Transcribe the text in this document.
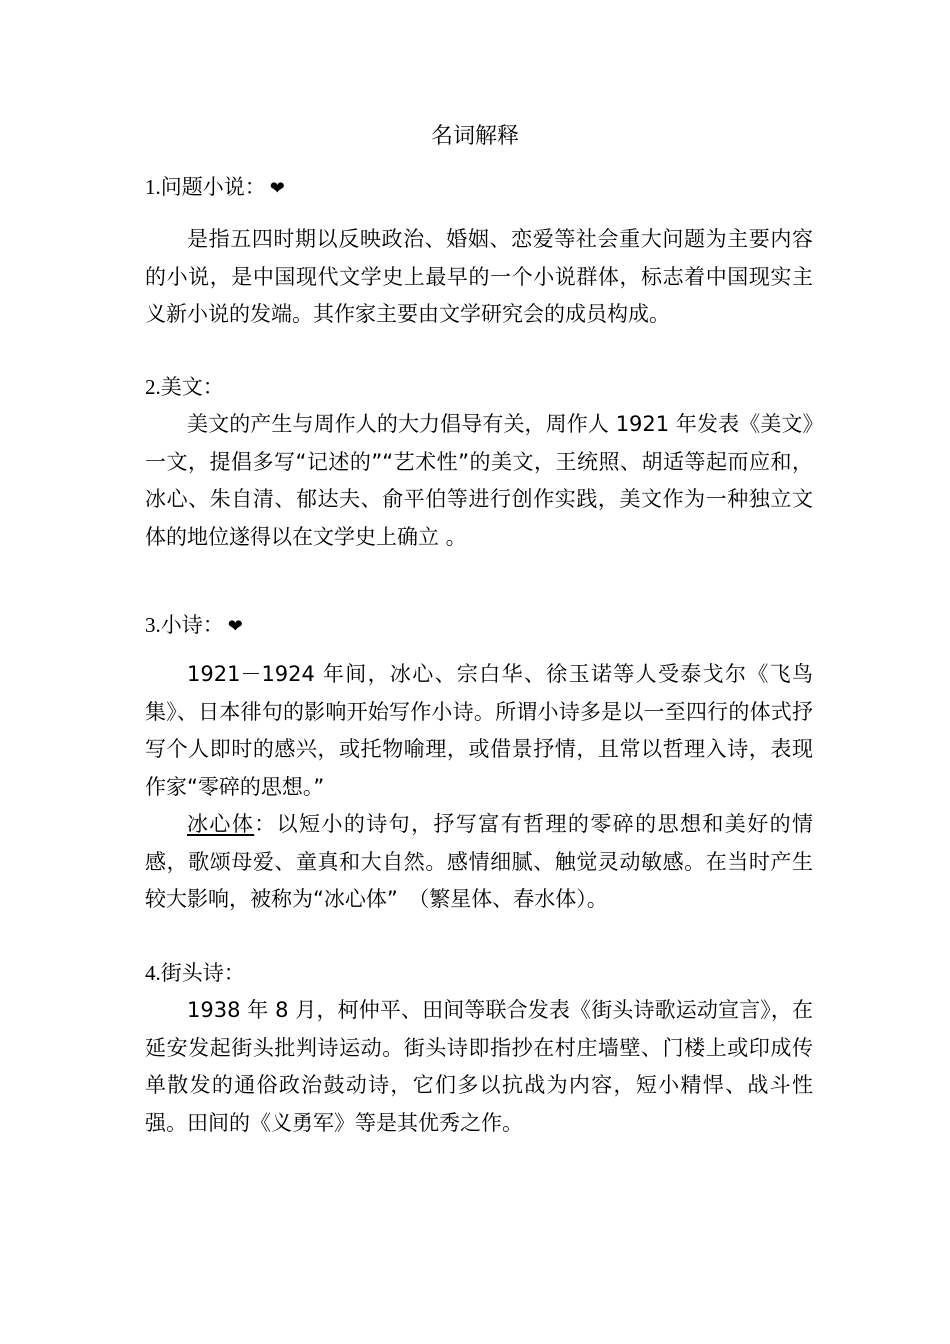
名词解释
1.问题小说： ❤
是指五四时期以反映政治、婚姻、恋爱等社会重大问题为主要内容的小说，是中国现代文学史上最早的一个小说群体，标志着中国现实主义新小说的发端。其作家主要由文学研究会的成员构成。
2.美文：
美文的产生与周作人的大力倡导有关，周作人 1921 年发表《美文》一文，提倡多写“记述的”“艺术性”的美文，王统照、胡适等起而应和，冰心、朱自清、郁达夫、俞平伯等进行创作实践，美文作为一种独立文体的地位遂得以在文学史上确立 。
3.小诗： ❤
1921－1924 年间，冰心、宗白华、徐玉诺等人受泰戈尔《飞鸟集》、日本徘句的影响开始写作小诗。所谓小诗多是以一至四行的体式抒写个人即时的感兴，或托物喻理，或借景抒情，且常以哲理入诗，表现作家“零碎的思想。”
冰心体：以短小的诗句，抒写富有哲理的零碎的思想和美好的情感，歌颂母爱、童真和大自然。感情细腻、触觉灵动敏感。在当时产生较大影响，被称为“冰心体”　（繁星体、春水体）。
4.街头诗：
1938 年 8 月，柯仲平、田间等联合发表《街头诗歌运动宣言》，在延安发起街头批判诗运动。街头诗即指抄在村庄墙壁、门楼上或印成传单散发的通俗政治鼓动诗，它们多以抗战为内容，短小精悍、战斗性强。田间的《义勇军》等是其优秀之作。
